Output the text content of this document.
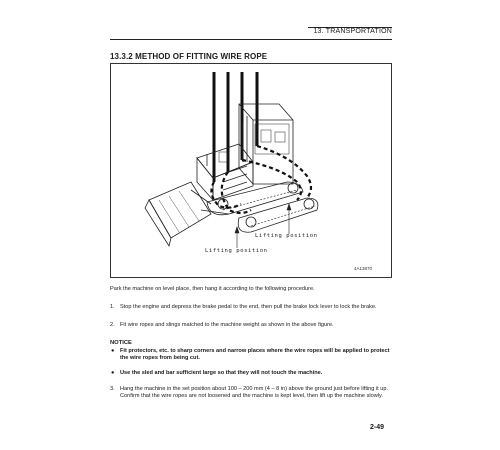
13. TRANSPORTATION
13.3.2 METHOD OF FITTING WIRE ROPE
Lifting position
Lifting position
4A13870
Park the machine on level place, then hang it according to the following procedure.
1. Stop the engine and depress the brake pedal to the end, then pull the brake lock lever to lock the brake.
2. Fit wire ropes and slings matched to the machine weight as shown in the above figure.
NOTICE
● Fit protectors, etc. to sharp corners and narrow places where the wire ropes will be applied to protect the wire ropes from being cut.
● Use the sled and bar sufficient large so that they will not touch the machine.
3. Hang the machine in the set position about 100 – 200 mm (4 – 8 in) above the ground just before lifting it up. Confirm that the wire ropes are not loosened and the machine is kept level, then lift up the machine slowly.
2-49
